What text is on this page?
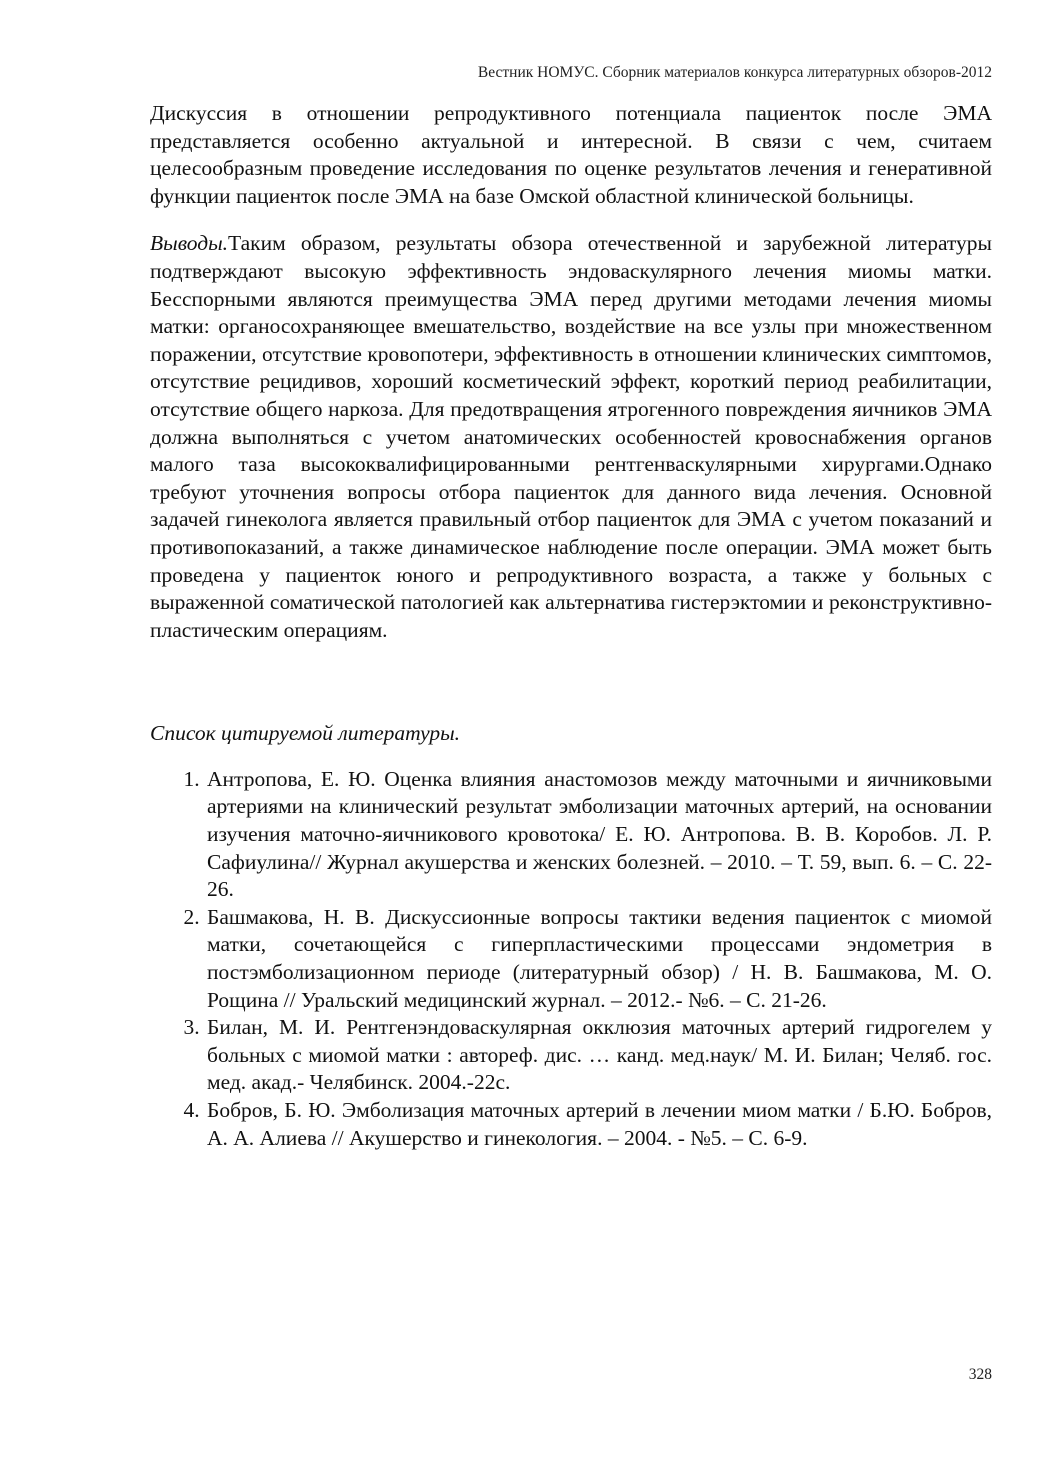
Вестник НОМУС. Сборник материалов конкурса литературных обзоров-2012

Дискуссия в отношении репродуктивного потенциала пациенток после ЭМА представляется особенно актуальной и интересной. В связи с чем, считаем целесообразным проведение исследования по оценке результатов лечения и генеративной функции пациенток после ЭМА на базе Омской областной клинической больницы.

Выводы.Таким образом, результаты обзора отечественной и зарубежной литературы подтверждают высокую эффективность эндоваскулярного лечения миомы матки. Бесспорными являются преимущества ЭМА перед другими методами лечения миомы матки: органосохраняющее вмешательство, воздействие на все узлы при множественном поражении, отсутствие кровопотери, эффективность в отношении клинических симптомов, отсутствие рецидивов, хороший косметический эффект, короткий период реабилитации, отсутствие общего наркоза. Для предотвращения ятрогенного повреждения яичников ЭМА должна выполняться с учетом анатомических особенностей кровоснабжения органов малого таза высококвалифицированными рентгенваскулярными хирургами.Однако требуют уточнения вопросы отбора пациенток для данного вида лечения. Основной задачей гинеколога является правильный отбор пациенток для ЭМА с учетом показаний и противопоказаний, а также динамическое наблюдение после операции. ЭМА может быть проведена у пациенток юного и репродуктивного возраста, а также у больных с выраженной соматической патологией как альтернатива гистерэктомии и реконструктивно-пластическим операциям.

Список цитируемой литературы.
1. Антропова, Е. Ю. Оценка влияния анастомозов между маточными и яичниковыми артериями на клинический результат эмболизации маточных артерий, на основании изучения маточно-яичникового кровотока/ Е. Ю. Антропова. В. В. Коробов. Л. Р. Сафиулина// Журнал акушерства и женских болезней. – 2010. – Т. 59, вып. 6. – С. 22-26.
2. Башмакова, Н. В. Дискуссионные вопросы тактики ведения пациенток с миомой матки, сочетающейся с гиперпластическими процессами эндометрия в постэмболизационном периоде (литературный обзор) / Н. В. Башмакова, М. О. Рощина // Уральский медицинский журнал. – 2012.- №6. – С. 21-26.
3. Билан, М. И. Рентгенэндоваскулярная окклюзия маточных артерий гидрогелем у больных с миомой матки : автореф. дис. … канд. мед.наук/ М. И. Билан; Челяб. гос. мед. акад.- Челябинск. 2004.-22с.
4. Бобров, Б. Ю. Эмболизация маточных артерий в лечении миом матки / Б.Ю. Бобров, А. А. Алиева // Акушерство и гинекология. – 2004. - №5. – С. 6-9.
328
